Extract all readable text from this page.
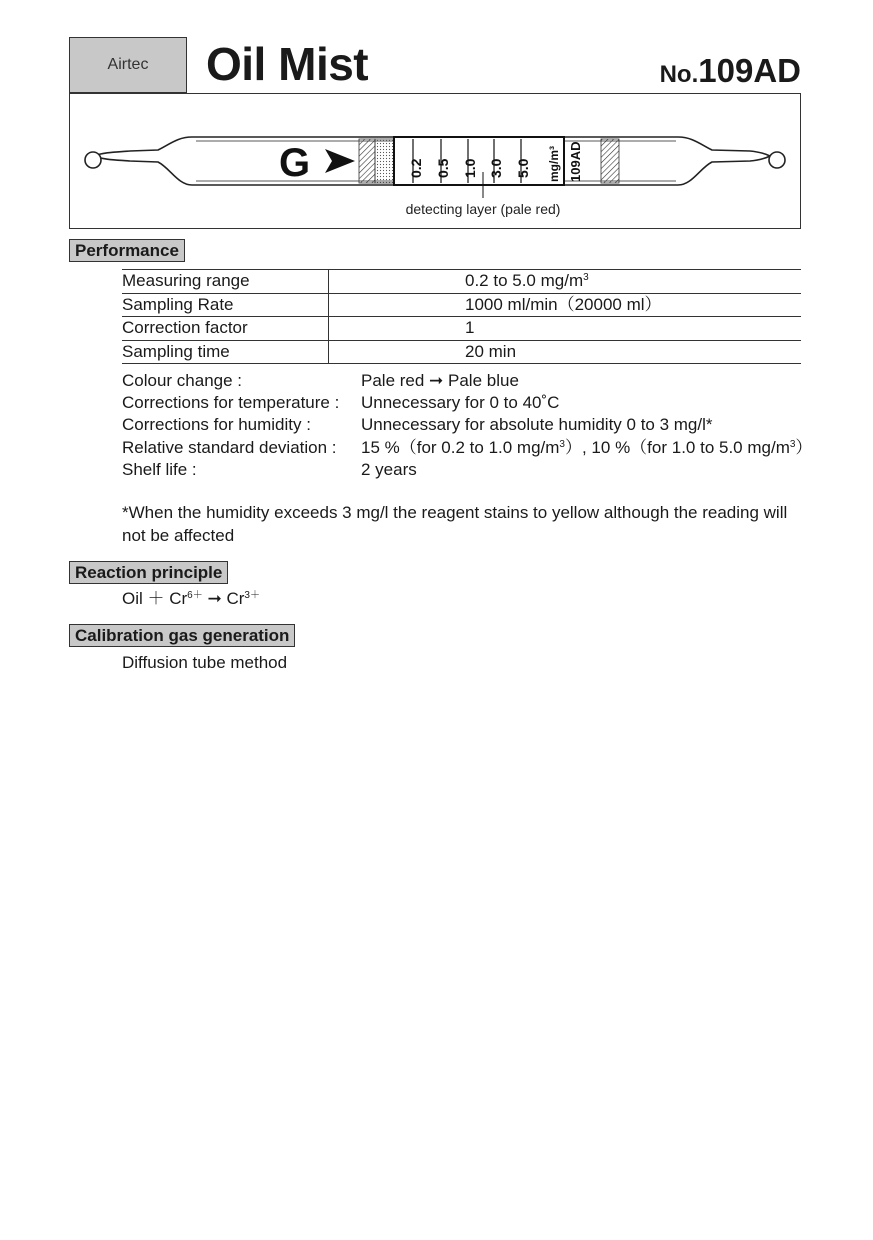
Airtec Oil Mist	No.109AD
G	0.2 0.5 1.0 3.0 5.0 mg/m³ 109AD
detecting layer (pale red)
Performance
Measuring range	0.2 to 5.0 $mg/m^3$
Sampling Rate	1000 ml/min（20000 ml）
Correction factor	1
Sampling time	20 min
Colour change :	Pale red ➞ Pale blue
Corrections for temperature : Unnecessary for 0 to 40˚C
Corrections for humidity :	Unnecessary for absolute humidity 0 to 3 mg/l*
Relative standard deviation : 15 %（for 0.2 to 1.0 $mg/m^3$）, 10 %（for 1.0 to 5.0 $mg/m^3$）
Shelf life :	2 years
*When the humidity exceeds 3 mg/l the reagent stains to yellow although the reading will not be affected
Reaction principle
Oil ＋ $Cr^{6+}$ ➞ $Cr^{3+}$
Calibration gas generation
Diffusion tube method
